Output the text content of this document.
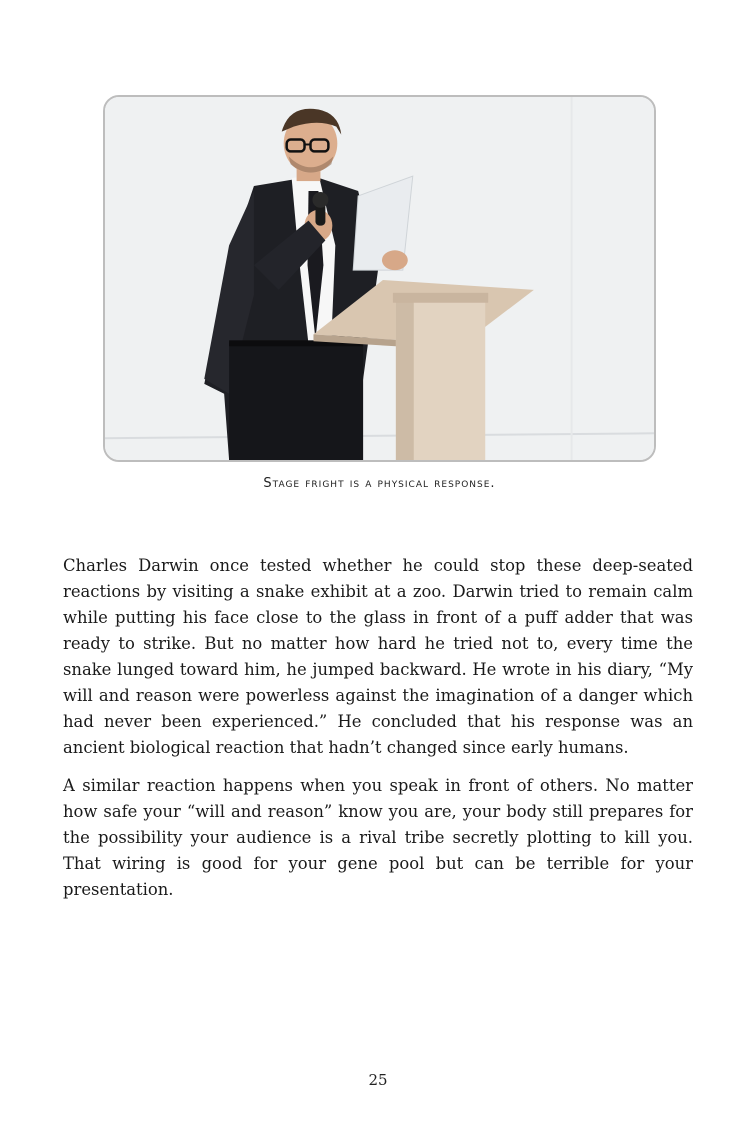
Stage fright is a physical response.

Charles Darwin once tested whether he could stop these deep-seated reactions by visiting a snake exhibit at a zoo. Darwin tried to remain calm while putting his face close to the glass in front of a puff adder that was ready to strike. But no matter how hard he tried not to, every time the snake lunged toward him, he jumped backward. He wrote in his diary, “My will and reason were powerless against the imagination of a danger which had never been experienced.” He concluded that his response was an ancient biological reaction that hadn’t changed since early humans.

A similar reaction happens when you speak in front of others. No matter how safe your “will and reason” know you are, your body still prepares for the possibility your audience is a rival tribe secretly plotting to kill you. That wiring is good for your gene pool but can be terrible for your presentation.

25
